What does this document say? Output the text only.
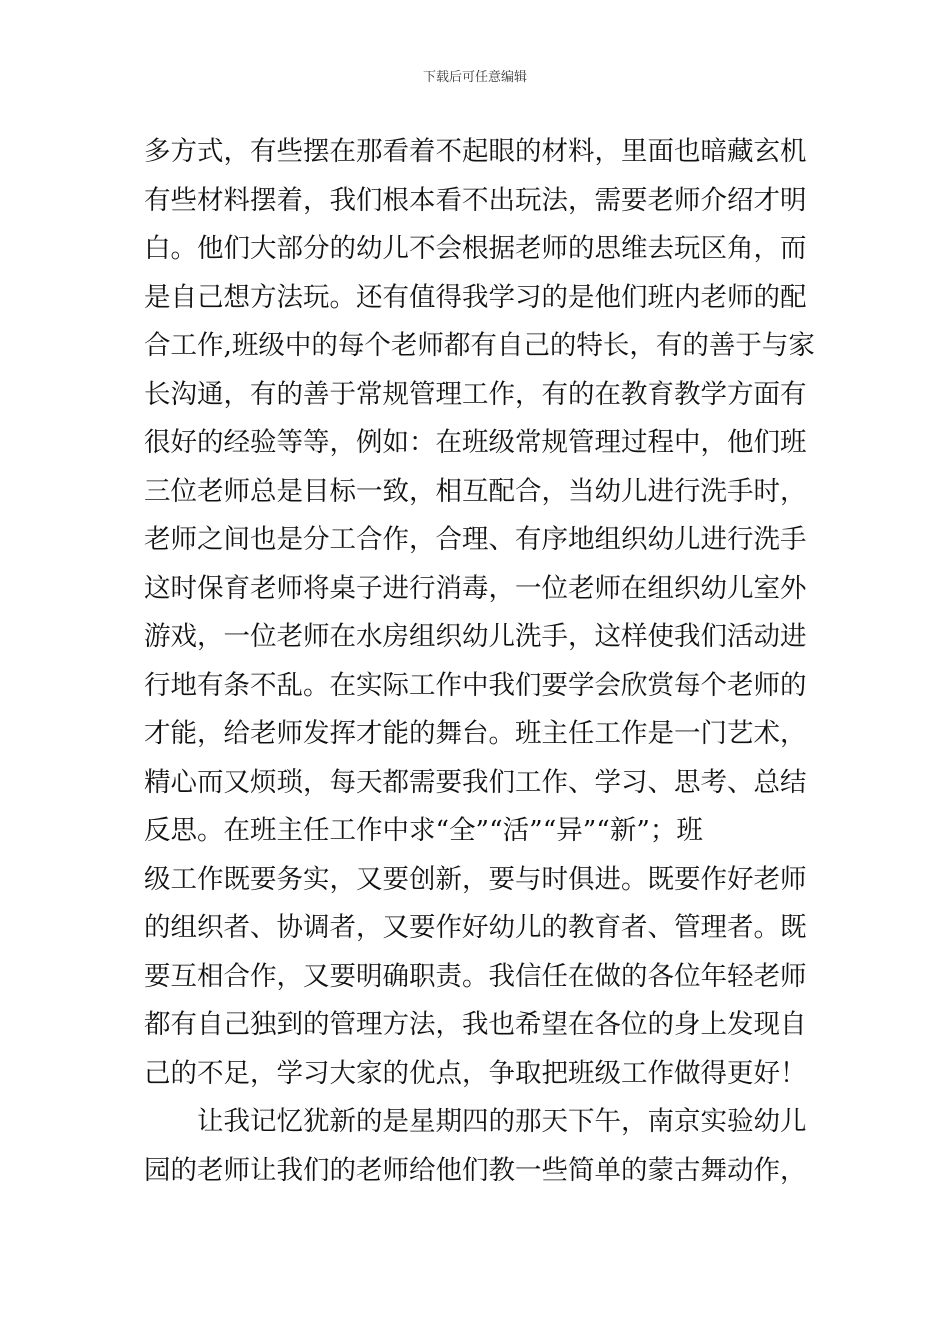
下载后可任意编辑
多方式，有些摆在那看着不起眼的材料，里面也暗藏玄机
有些材料摆着，我们根本看不出玩法，需要老师介绍才明
白。他们大部分的幼儿不会根据老师的思维去玩区角，而
是自己想方法玩。还有值得我学习的是他们班内老师的配
合工作,班级中的每个老师都有自己的特长，有的善于与家
长沟通，有的善于常规管理工作，有的在教育教学方面有
很好的经验等等，例如：在班级常规管理过程中，他们班
三位老师总是目标一致，相互配合，当幼儿进行洗手时，
老师之间也是分工合作，合理、有序地组织幼儿进行洗手
这时保育老师将桌子进行消毒，一位老师在组织幼儿室外
游戏，一位老师在水房组织幼儿洗手，这样使我们活动进
行地有条不乱。在实际工作中我们要学会欣赏每个老师的
才能，给老师发挥才能的舞台。班主任工作是一门艺术，
精心而又烦琐，每天都需要我们工作、学习、思考、总结
反思。在班主任工作中求“全”“活”“异”“新”；班
级工作既要务实，又要创新，要与时俱进。既要作好老师
的组织者、协调者，又要作好幼儿的教育者、管理者。既
要互相合作，又要明确职责。我信任在做的各位年轻老师
都有自己独到的管理方法，我也希望在各位的身上发现自
己的不足，学习大家的优点，争取把班级工作做得更好！
让我记忆犹新的是星期四的那天下午，南京实验幼儿
园的老师让我们的老师给他们教一些简单的蒙古舞动作，
